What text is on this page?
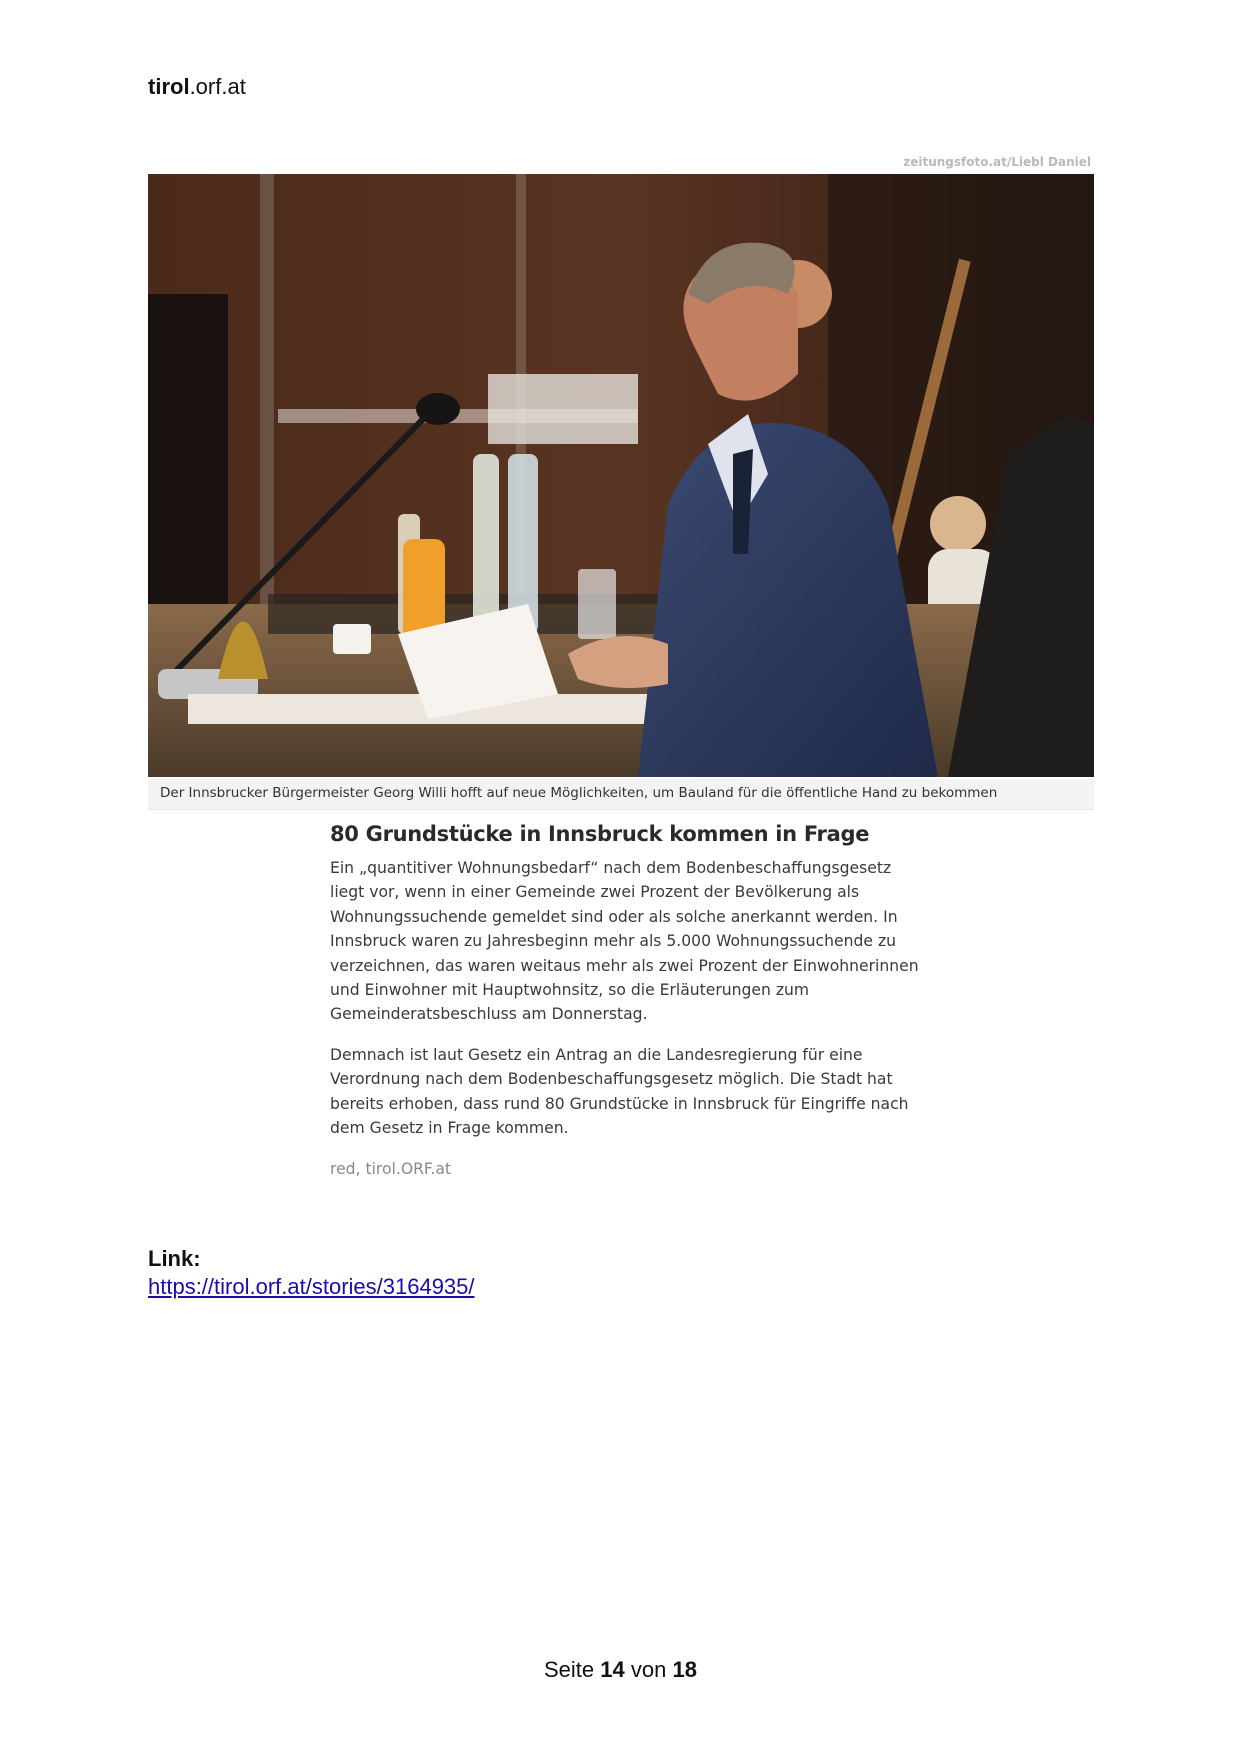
tirol.orf.at
zeitungsfoto.at/Liebl Daniel
Der Innsbrucker Bürgermeister Georg Willi hofft auf neue Möglichkeiten, um Bauland für die öffentliche Hand zu bekommen
80 Grundstücke in Innsbruck kommen in Frage

Ein „quantitiver Wohnungsbedarf“ nach dem Bodenbeschaffungsgesetz liegt vor, wenn in einer Gemeinde zwei Prozent der Bevölkerung als Wohnungssuchende gemeldet sind oder als solche anerkannt werden. In Innsbruck waren zu Jahresbeginn mehr als 5.000 Wohnungssuchende zu verzeichnen, das waren weitaus mehr als zwei Prozent der Einwohnerinnen und Einwohner mit Hauptwohnsitz, so die Erläuterungen zum Gemeinderatsbeschluss am Donnerstag.

Demnach ist laut Gesetz ein Antrag an die Landesregierung für eine Verordnung nach dem Bodenbeschaffungsgesetz möglich. Die Stadt hat bereits erhoben, dass rund 80 Grundstücke in Innsbruck für Eingriffe nach dem Gesetz in Frage kommen.

red, tirol.ORF.at
Link:
https://tirol.orf.at/stories/3164935/
Seite 14 von 18
